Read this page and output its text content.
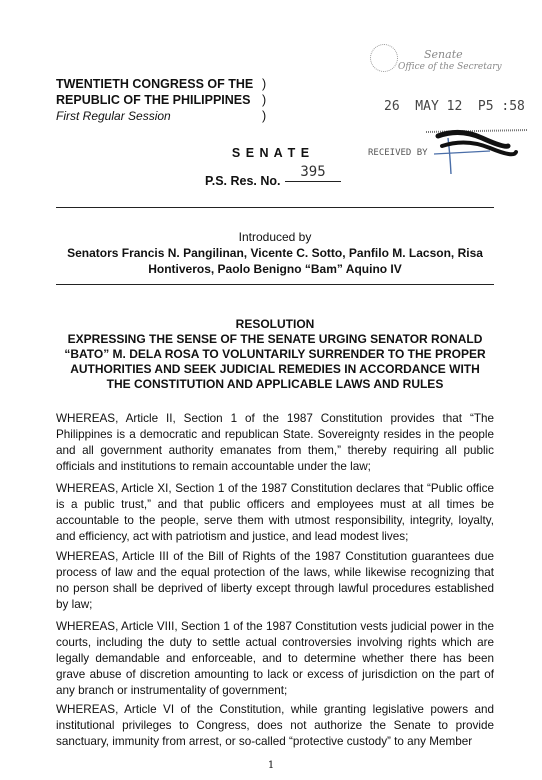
TWENTIETH CONGRESS OF THE
REPUBLIC OF THE PHILIPPINES
First Regular Session
)
)
)
Senate
Office of the Secretary
26  MAY 12  P5 :58
RECEIVED BY
S E N A T E
P.S. Res. No.
395
Introduced by
Senators Francis N. Pangilinan, Vicente C. Sotto, Panfilo M. Lacson, Risa
Hontiveros, Paolo Benigno “Bam” Aquino IV
RESOLUTION
EXPRESSING THE SENSE OF THE SENATE URGING SENATOR RONALD
“BATO” M. DELA ROSA TO VOLUNTARILY SURRENDER TO THE PROPER
AUTHORITIES AND SEEK JUDICIAL REMEDIES IN ACCORDANCE WITH
THE CONSTITUTION AND APPLICABLE LAWS AND RULES
WHEREAS, Article II, Section 1 of the 1987 Constitution provides that “The Philippines is a democratic and republican State. Sovereignty resides in the people and all government authority emanates from them,” thereby requiring all public officials and institutions to remain accountable under the law;
WHEREAS, Article XI, Section 1 of the 1987 Constitution declares that “Public office is a public trust,” and that public officers and employees must at all times be accountable to the people, serve them with utmost responsibility, integrity, loyalty, and efficiency, act with patriotism and justice, and lead modest lives;
WHEREAS, Article III of the Bill of Rights of the 1987 Constitution guarantees due process of law and the equal protection of the laws, while likewise recognizing that no person shall be deprived of liberty except through lawful procedures established by law;
WHEREAS, Article VIII, Section 1 of the 1987 Constitution vests judicial power in the courts, including the duty to settle actual controversies involving rights which are legally demandable and enforceable, and to determine whether there has been grave abuse of discretion amounting to lack or excess of jurisdiction on the part of any branch or instrumentality of government;
WHEREAS, Article VI of the Constitution, while granting legislative powers and institutional privileges to Congress, does not authorize the Senate to provide sanctuary, immunity from arrest, or so-called “protective custody” to any Member
1
